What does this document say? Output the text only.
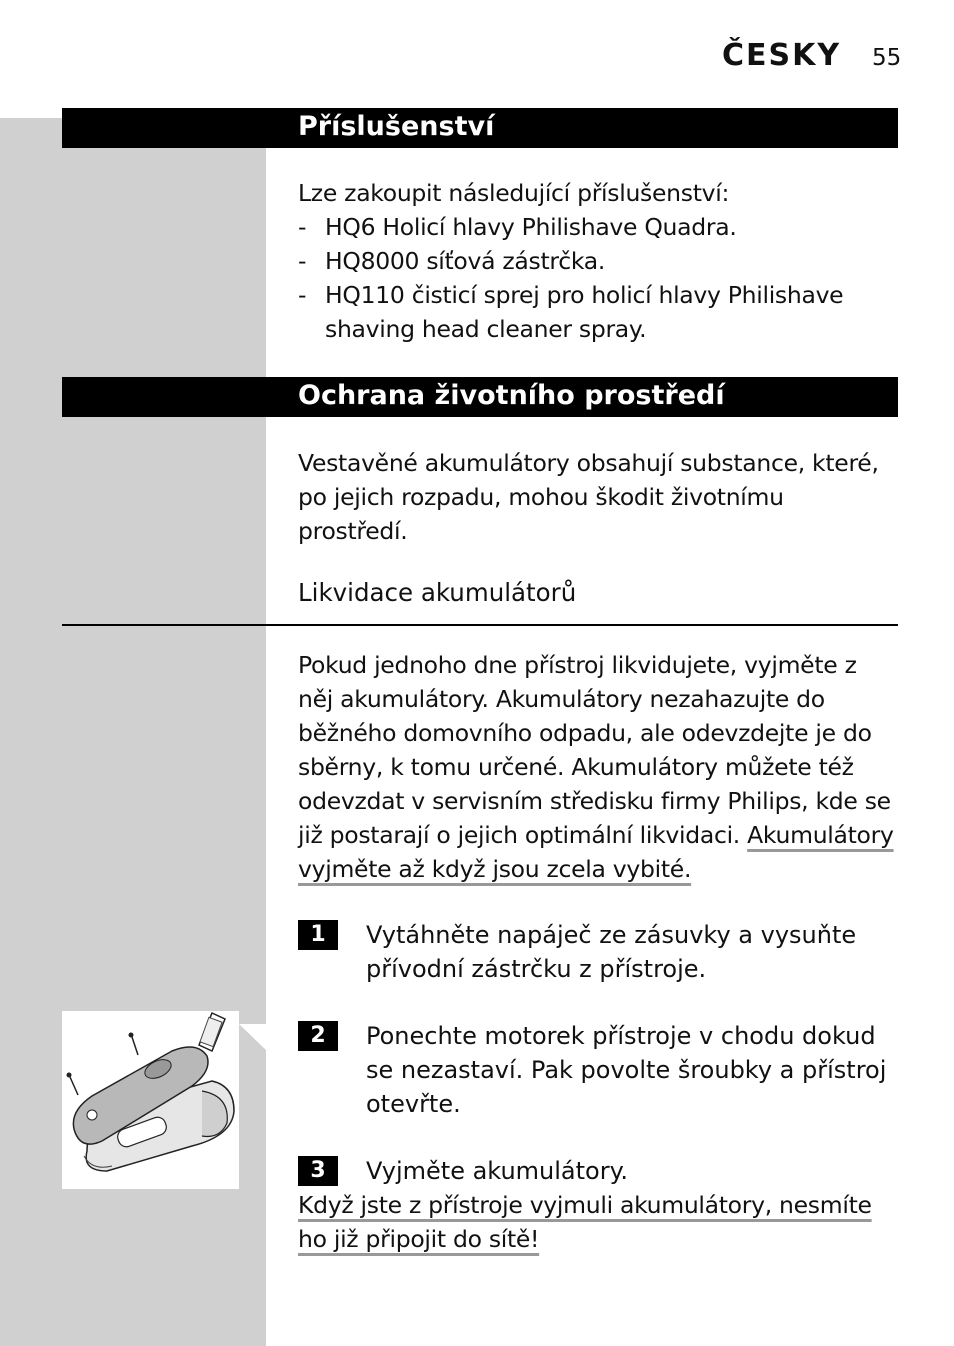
ČESKY 55
Příslušenství
Lze zakoupit následující příslušenství:
- HQ6 Holicí hlavy Philishave Quadra.
- HQ8000 síťová zástrčka.
- HQ110 čisticí sprej pro holicí hlavy Philishave shaving head cleaner spray.
Ochrana životního prostředí
Vestavěné akumulátory obsahují substance, které, po jejich rozpadu, mohou škodit životnímu prostředí.
Likvidace akumulátorů
Pokud jednoho dne přístroj likvidujete, vyjměte z něj akumulátory. Akumulátory nezahazujte do běžného domovního odpadu, ale odevzdejte je do sběrny, k tomu určené. Akumulátory můžete též odevzdat v servisním středisku firmy Philips, kde se již postarají o jejich optimální likvidaci. Akumulátory vyjměte až když jsou zcela vybité.
1	Vytáhněte napáječ ze zásuvky a vysuňte přívodní zástrčku z přístroje.
2	Ponechte motorek přístroje v chodu dokud se nezastaví. Pak povolte šroubky a přístroj otevřte.
3	Vyjměte akumulátory.
Když jste z přístroje vyjmuli akumulátory, nesmíte ho již připojit do sítě!
